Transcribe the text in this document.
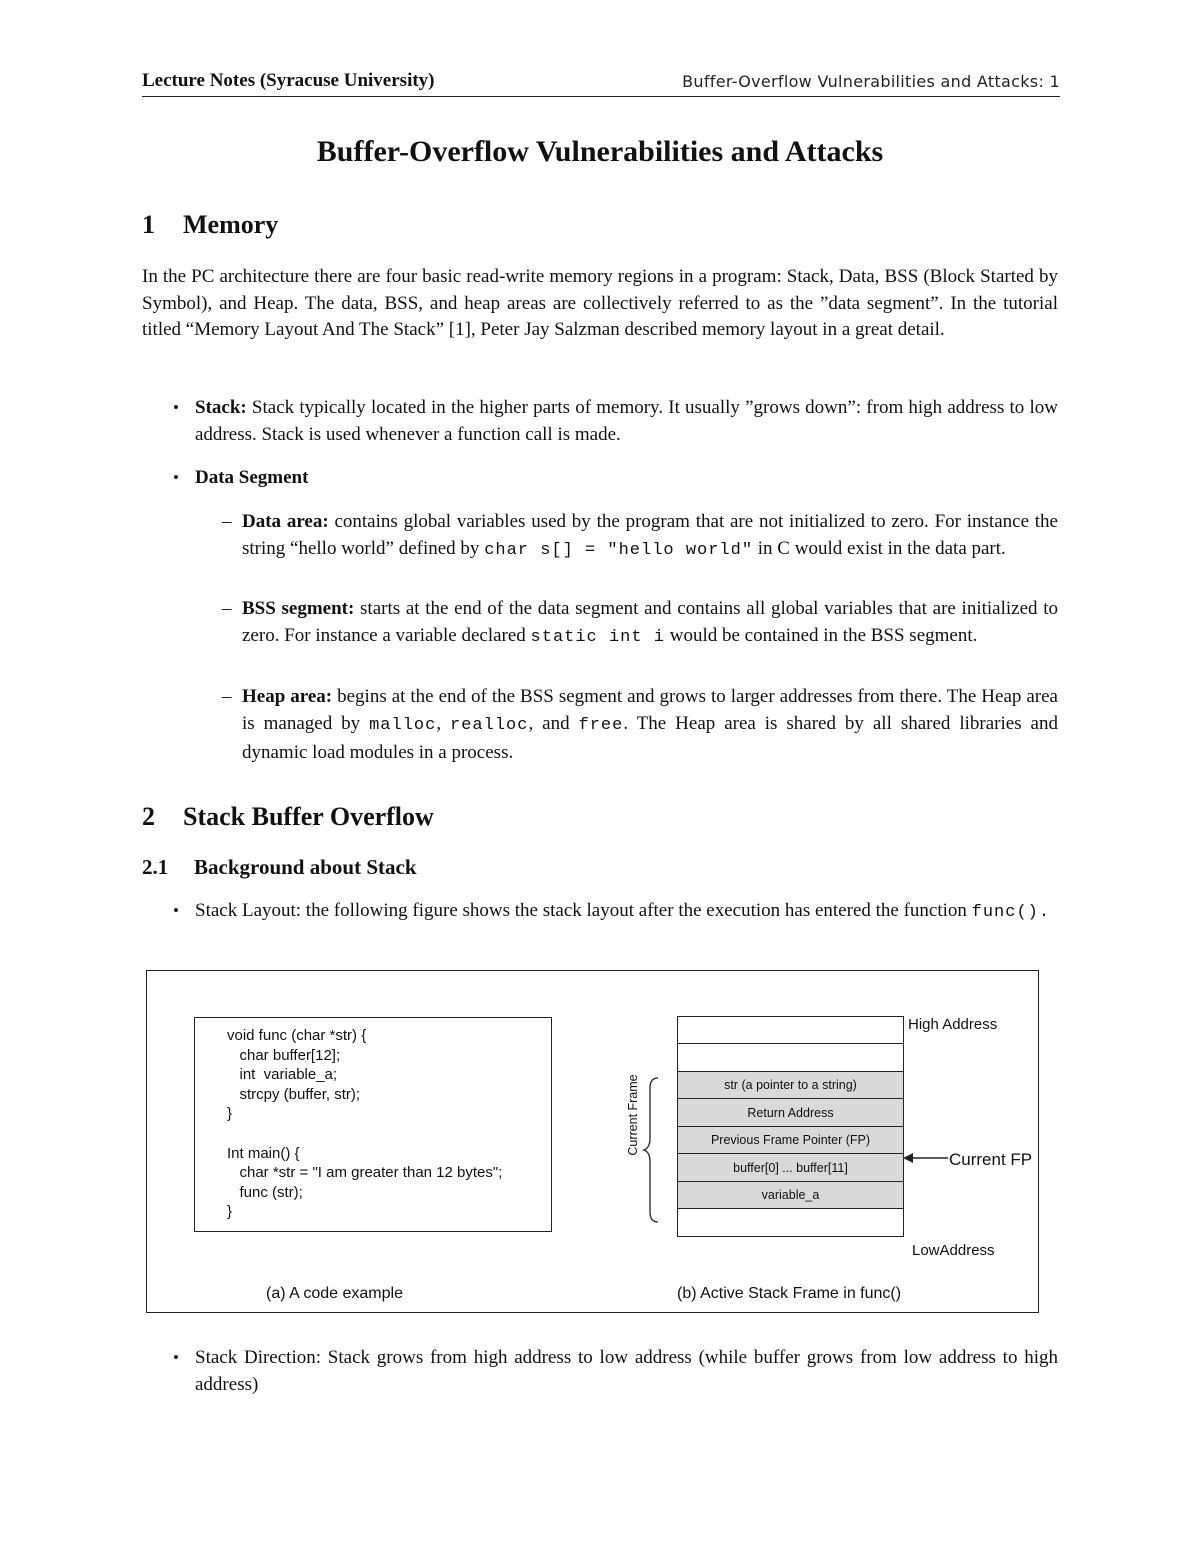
Lecture Notes (Syracuse University)	Buffer-Overflow Vulnerabilities and Attacks: 1
Buffer-Overflow Vulnerabilities and Attacks
1 Memory
In the PC architecture there are four basic read-write memory regions in a program: Stack, Data, BSS (Block Started by Symbol), and Heap. The data, BSS, and heap areas are collectively referred to as the ”data segment”. In the tutorial titled “Memory Layout And The Stack” [1], Peter Jay Salzman described memory layout in a great detail.
• Stack: Stack typically located in the higher parts of memory. It usually ”grows down”: from high address to low address. Stack is used whenever a function call is made.
• Data Segment
– Data area: contains global variables used by the program that are not initialized to zero. For instance the string “hello world” defined by char s[] = "hello world" in C would exist in the data part.
– BSS segment: starts at the end of the data segment and contains all global variables that are initialized to zero. For instance a variable declared static int i would be contained in the BSS segment.
– Heap area: begins at the end of the BSS segment and grows to larger addresses from there. The Heap area is managed by malloc, realloc, and free. The Heap area is shared by all shared libraries and dynamic load modules in a process.
2 Stack Buffer Overflow
2.1 Background about Stack
• Stack Layout: the following figure shows the stack layout after the execution has entered the function func().
void func (char *str) {
char buffer[12];
int  variable_a;
strcpy (buffer, str);
}

Int main() {
char *str = "I am greater than 12 bytes";
func (str);
}
(a) A code example	(b) Active Stack Frame in func()
str (a pointer to a string)
Return Address
Previous Frame Pointer (FP)
buffer[0] ... buffer[11]
variable_a
High Address
LowAddress
Current Frame
Current FP
• Stack Direction: Stack grows from high address to low address (while buffer grows from low address to high address)
